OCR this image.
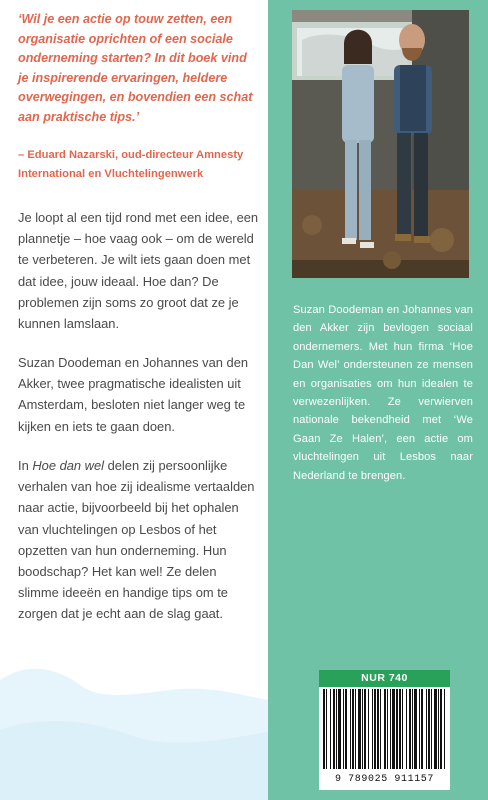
‘Wil je een actie op touw zetten, een organisatie oprichten of een sociale onderneming starten? In dit boek vind je inspirerende ervaringen, heldere overwegingen, en bovendien een schat aan praktische tips.’

– Eduard Nazarski, oud-directeur Amnesty International en Vluchtelingenwerk

Je loopt al een tijd rond met een idee, een plannetje – hoe vaag ook – om de wereld te verbeteren. Je wilt iets gaan doen met dat idee, jouw ideaal. Hoe dan? De problemen zijn soms zo groot dat ze je kunnen lamslaan.

Suzan Doodeman en Johannes van den Akker, twee pragmatische idealisten uit Amsterdam, besloten niet langer weg te kijken en iets te gaan doen.

In Hoe dan wel delen zij persoonlijke verhalen van hoe zij idealisme vertaalden naar actie, bijvoorbeeld bij het ophalen van vluchtelingen op Lesbos of het opzetten van hun onderneming. Hun boodschap? Het kan wel! Ze delen slimme ideeën en handige tips om te zorgen dat je echt aan de slag gaat.

Suzan Doodeman en Johannes van den Akker zijn bevlogen sociaal ondernemers. Met hun firma ‘Hoe Dan Wel’ ondersteunen ze mensen en organisaties om hun idealen te verwezenlijken. Ze verwierven nationale bekendheid met ‘We Gaan Ze Halen’, een actie om vluchtelingen uit Lesbos naar Nederland te brengen.

NUR 740
9 789025 911157
